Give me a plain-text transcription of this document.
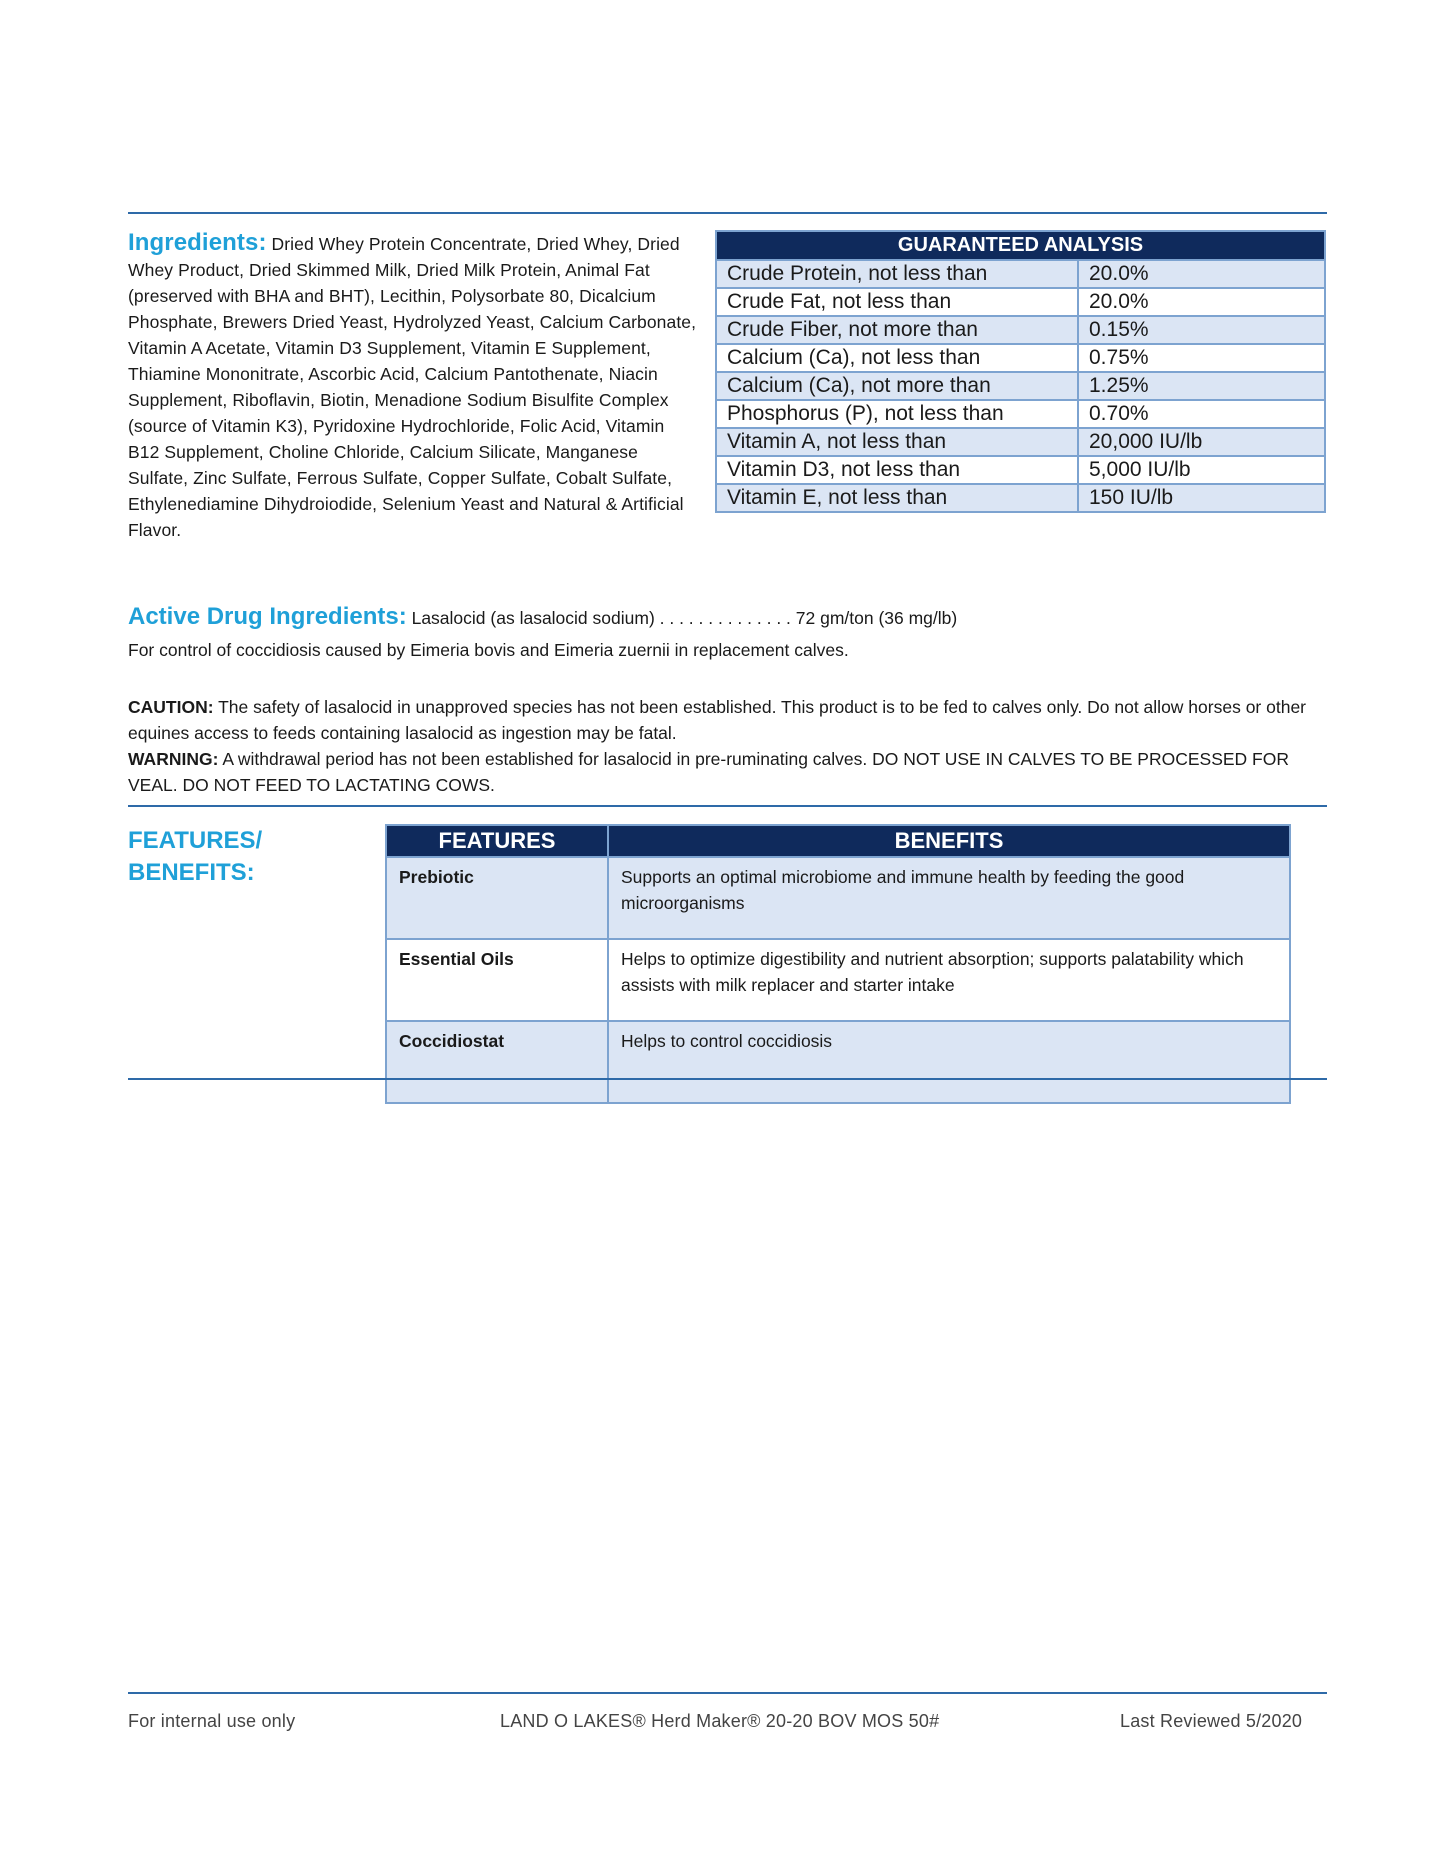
Ingredients: Dried Whey Protein Concentrate, Dried Whey, Dried Whey Product, Dried Skimmed Milk, Dried Milk Protein, Animal Fat (preserved with BHA and BHT), Lecithin, Polysorbate 80, Dicalcium Phosphate, Brewers Dried Yeast, Hydrolyzed Yeast, Calcium Carbonate, Vitamin A Acetate, Vitamin D3 Supplement, Vitamin E Supplement, Thiamine Mononitrate, Ascorbic Acid, Calcium Pantothenate, Niacin Supplement, Riboflavin, Biotin, Menadione Sodium Bisulfite Complex (source of Vitamin K3), Pyridoxine Hydrochloride, Folic Acid, Vitamin B12 Supplement, Choline Chloride, Calcium Silicate, Manganese Sulfate, Zinc Sulfate, Ferrous Sulfate, Copper Sulfate, Cobalt Sulfate, Ethylenediamine Dihydroiodide, Selenium Yeast and Natural & Artificial Flavor.
GUARANTEED ANALYSIS	
Crude Protein, not less than	20.0%
Crude Fat, not less than	20.0%
Crude Fiber, not more than	0.15%
Calcium (Ca), not less than	0.75%
Calcium (Ca), not more than	1.25%
Phosphorus (P), not less than	0.70%
Vitamin A, not less than	20,000 IU/lb
Vitamin D3, not less than	5,000 IU/lb
Vitamin E, not less than	150 IU/lb
Active Drug Ingredients: Lasalocid (as lasalocid sodium) . . . . . . . . . . . . . . 72 gm/ton (36 mg/lb)
For control of coccidiosis caused by Eimeria bovis and Eimeria zuernii in replacement calves.
CAUTION: The safety of lasalocid in unapproved species has not been established. This product is to be fed to calves only. Do not allow horses or other equines access to feeds containing lasalocid as ingestion may be fatal.
WARNING: A withdrawal period has not been established for lasalocid in pre-ruminating calves. DO NOT USE IN CALVES TO BE PROCESSED FOR VEAL. DO NOT FEED TO LACTATING COWS.
FEATURES/
BENEFITS:
FEATURES	BENEFITS
Prebiotic	Supports an optimal microbiome and immune health by feeding the good microorganisms
Essential Oils	Helps to optimize digestibility and nutrient absorption; supports palatability which assists with milk replacer and starter intake
Coccidiostat	Helps to control coccidiosis
For internal use only	LAND O LAKES® Herd Maker® 20-20 BOV MOS 50#	Last Reviewed 5/2020
